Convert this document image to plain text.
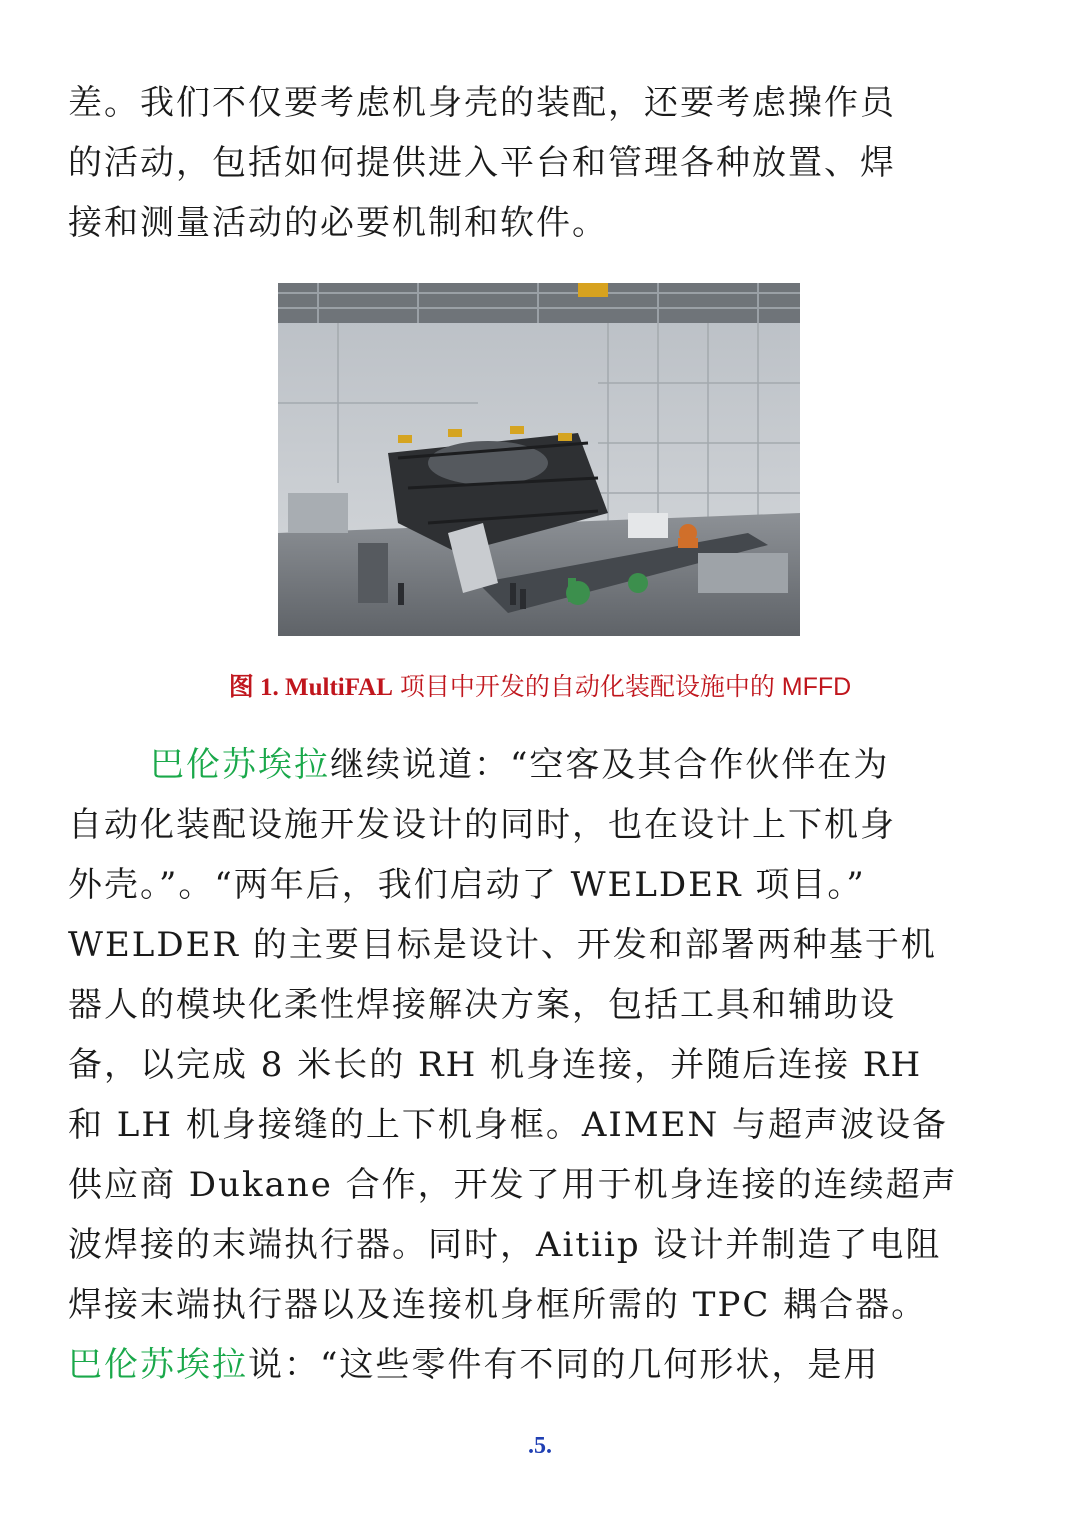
差。我们不仅要考虑机身壳的装配，还要考虑操作员
的活动，包括如何提供进入平台和管理各种放置、焊
接和测量活动的必要机制和软件。
图 1. MultiFAL 项目中开发的自动化装配设施中的 MFFD
巴伦苏埃拉继续说道：“空客及其合作伙伴在为
自动化装配设施开发设计的同时，也在设计上下机身
外壳。”。“两年后，我们启动了 WELDER 项目。”
WELDER 的主要目标是设计、开发和部署两种基于机
器人的模块化柔性焊接解决方案，包括工具和辅助设
备，以完成 8 米长的 RH 机身连接，并随后连接 RH
和 LH 机身接缝的上下机身框。AIMEN 与超声波设备
供应商 Dukane 合作，开发了用于机身连接的连续超声
波焊接的末端执行器。同时，Aitiip 设计并制造了电阻
焊接末端执行器以及连接机身框所需的 TPC 耦合器。
巴伦苏埃拉说：“这些零件有不同的几何形状，是用
.5.
